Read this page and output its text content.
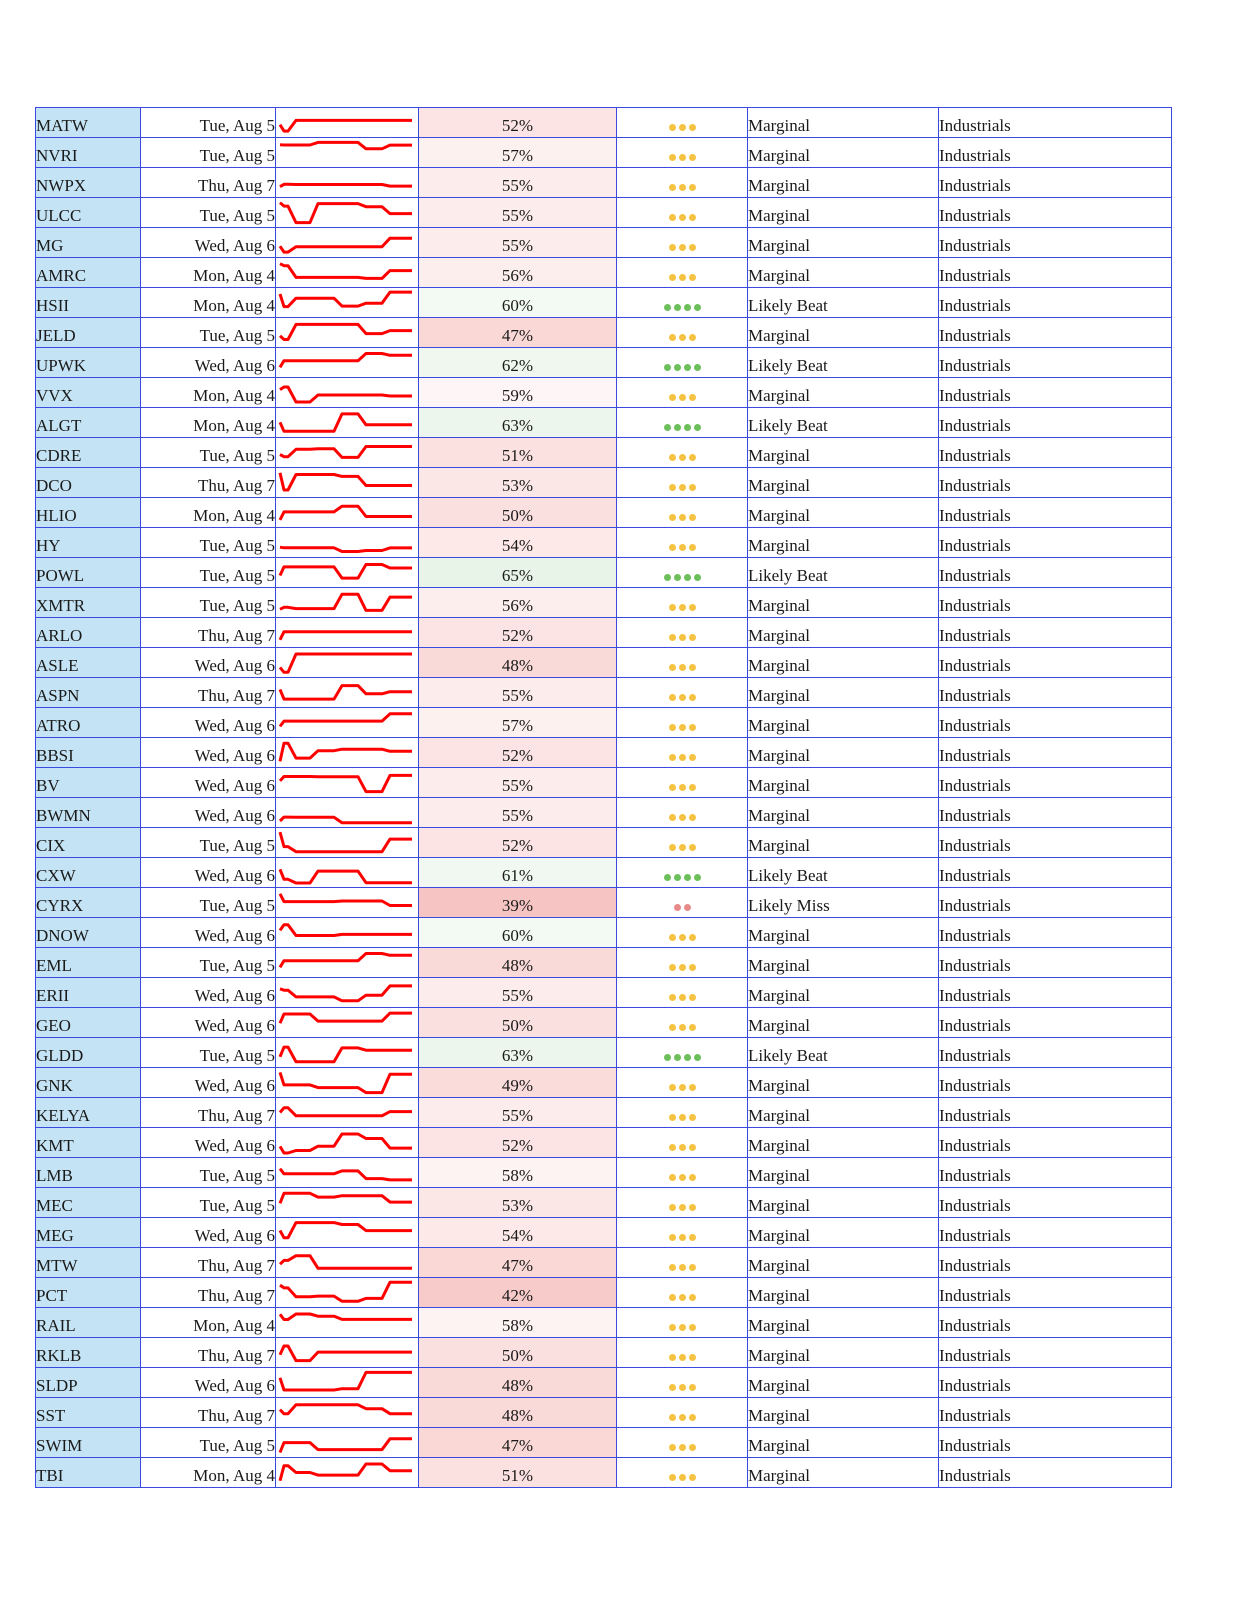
MATW	Tue, Aug 5		52%		Marginal	Industrials
NVRI	Tue, Aug 5		57%		Marginal	Industrials
NWPX	Thu, Aug 7		55%		Marginal	Industrials
ULCC	Tue, Aug 5		55%		Marginal	Industrials
MG	Wed, Aug 6		55%		Marginal	Industrials
AMRC	Mon, Aug 4		56%		Marginal	Industrials
HSII	Mon, Aug 4		60%		Likely Beat	Industrials
JELD	Tue, Aug 5		47%		Marginal	Industrials
UPWK	Wed, Aug 6		62%		Likely Beat	Industrials
VVX	Mon, Aug 4		59%		Marginal	Industrials
ALGT	Mon, Aug 4		63%		Likely Beat	Industrials
CDRE	Tue, Aug 5		51%		Marginal	Industrials
DCO	Thu, Aug 7		53%		Marginal	Industrials
HLIO	Mon, Aug 4		50%		Marginal	Industrials
HY	Tue, Aug 5		54%		Marginal	Industrials
POWL	Tue, Aug 5		65%		Likely Beat	Industrials
XMTR	Tue, Aug 5		56%		Marginal	Industrials
ARLO	Thu, Aug 7		52%		Marginal	Industrials
ASLE	Wed, Aug 6		48%		Marginal	Industrials
ASPN	Thu, Aug 7		55%		Marginal	Industrials
ATRO	Wed, Aug 6		57%		Marginal	Industrials
BBSI	Wed, Aug 6		52%		Marginal	Industrials
BV	Wed, Aug 6		55%		Marginal	Industrials
BWMN	Wed, Aug 6		55%		Marginal	Industrials
CIX	Tue, Aug 5		52%		Marginal	Industrials
CXW	Wed, Aug 6		61%		Likely Beat	Industrials
CYRX	Tue, Aug 5		39%		Likely Miss	Industrials
DNOW	Wed, Aug 6		60%		Marginal	Industrials
EML	Tue, Aug 5		48%		Marginal	Industrials
ERII	Wed, Aug 6		55%		Marginal	Industrials
GEO	Wed, Aug 6		50%		Marginal	Industrials
GLDD	Tue, Aug 5		63%		Likely Beat	Industrials
GNK	Wed, Aug 6		49%		Marginal	Industrials
KELYA	Thu, Aug 7		55%		Marginal	Industrials
KMT	Wed, Aug 6		52%		Marginal	Industrials
LMB	Tue, Aug 5		58%		Marginal	Industrials
MEC	Tue, Aug 5		53%		Marginal	Industrials
MEG	Wed, Aug 6		54%		Marginal	Industrials
MTW	Thu, Aug 7		47%		Marginal	Industrials
PCT	Thu, Aug 7		42%		Marginal	Industrials
RAIL	Mon, Aug 4		58%		Marginal	Industrials
RKLB	Thu, Aug 7		50%		Marginal	Industrials
SLDP	Wed, Aug 6		48%		Marginal	Industrials
SST	Thu, Aug 7		48%		Marginal	Industrials
SWIM	Tue, Aug 5		47%		Marginal	Industrials
TBI	Mon, Aug 4		51%		Marginal	Industrials
